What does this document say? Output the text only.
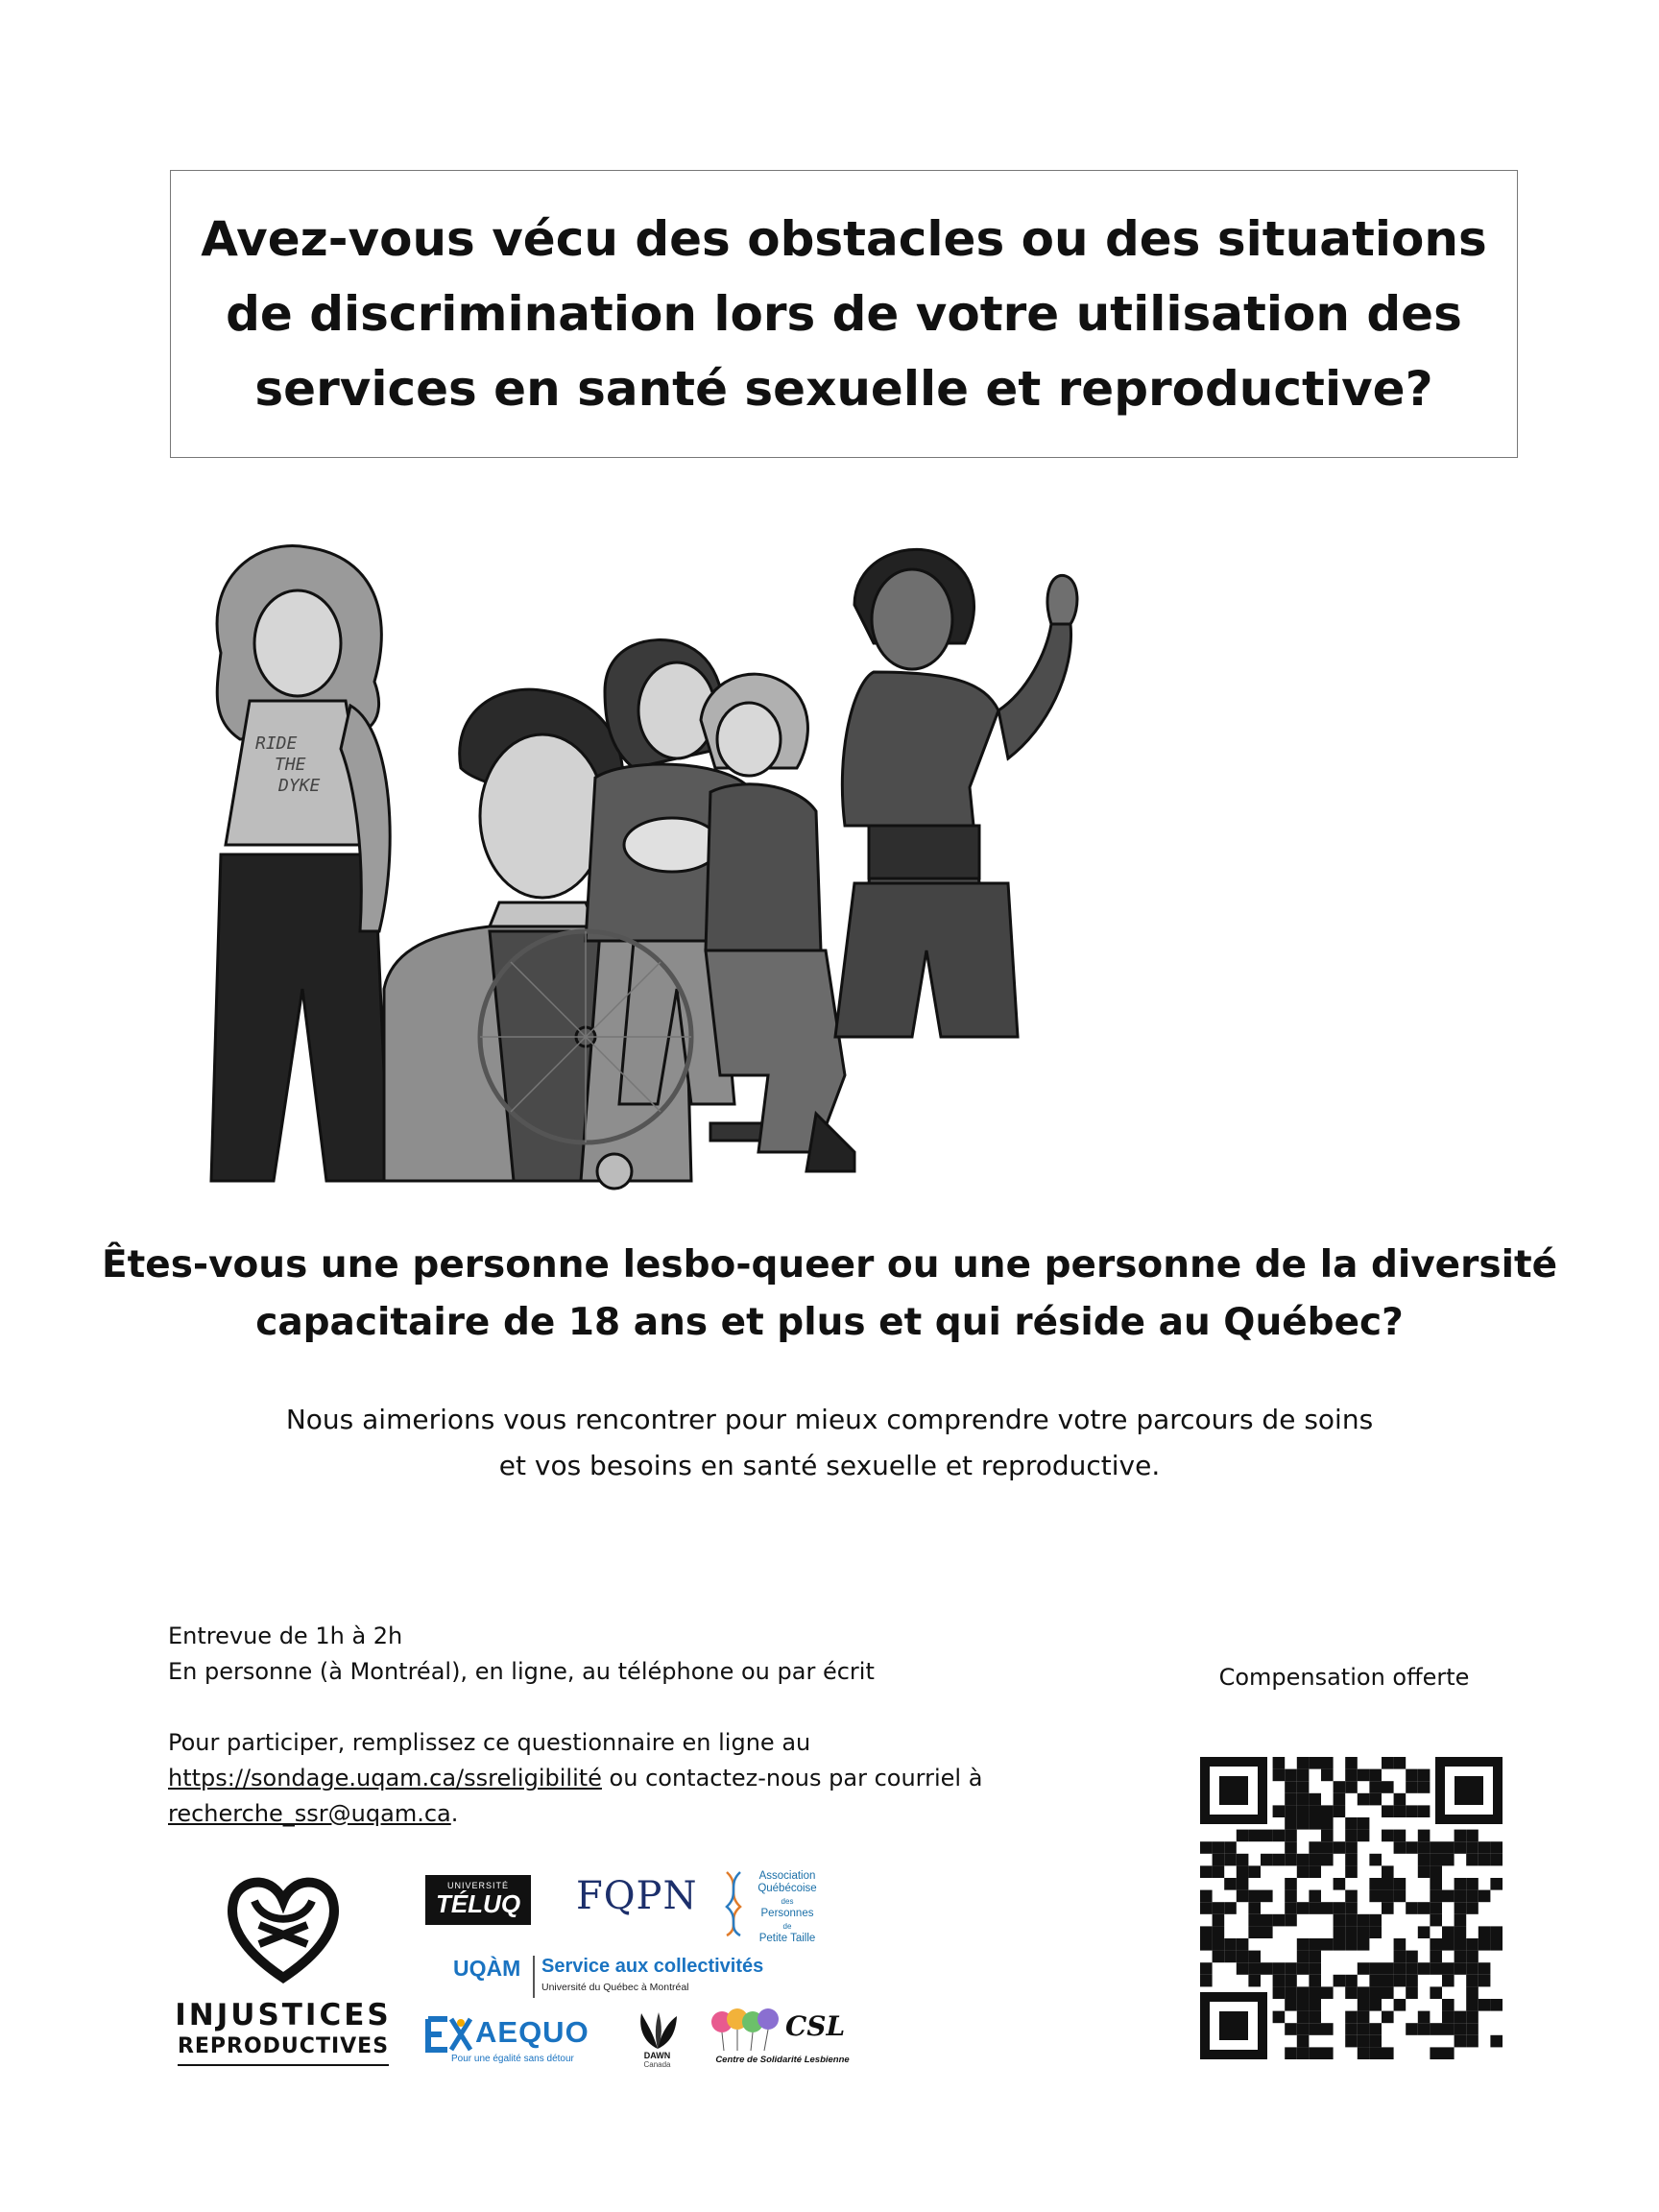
Avez-vous vécu des obstacles ou des situations de discrimination lors de votre utilisation des services en santé sexuelle et reproductive?
RIDE
THE
DYKE

Êtes-vous une personne lesbo-queer ou une personne de la diversité capacitaire de 18 ans et plus et qui réside au Québec?

Nous aimerions vous rencontrer pour mieux comprendre votre parcours de soins
et vos besoins en santé sexuelle et reproductive.
Entrevue de 1h à 2h
En personne (à Montréal), en ligne, au téléphone ou par écrit
Pour participer, remplissez ce questionnaire en ligne au
https://sondage.uqam.ca/ssreligibilité ou contactez-nous par courriel à
recherche_ssr@uqam.ca.
Compensation offerte
INJUSTICES
REPRODUCTIVES
UNIVERSITÉ
TÉLUQ FQPN	Association
Québécoise
des
Personnes
de
Petite Taille
UQÀM Service aux collectivités
Université du Québec à Montréal
AEQUO
Pour une égalité sans détour	DAWN
Canada
CSL
Centre de Solidarité Lesbienne
